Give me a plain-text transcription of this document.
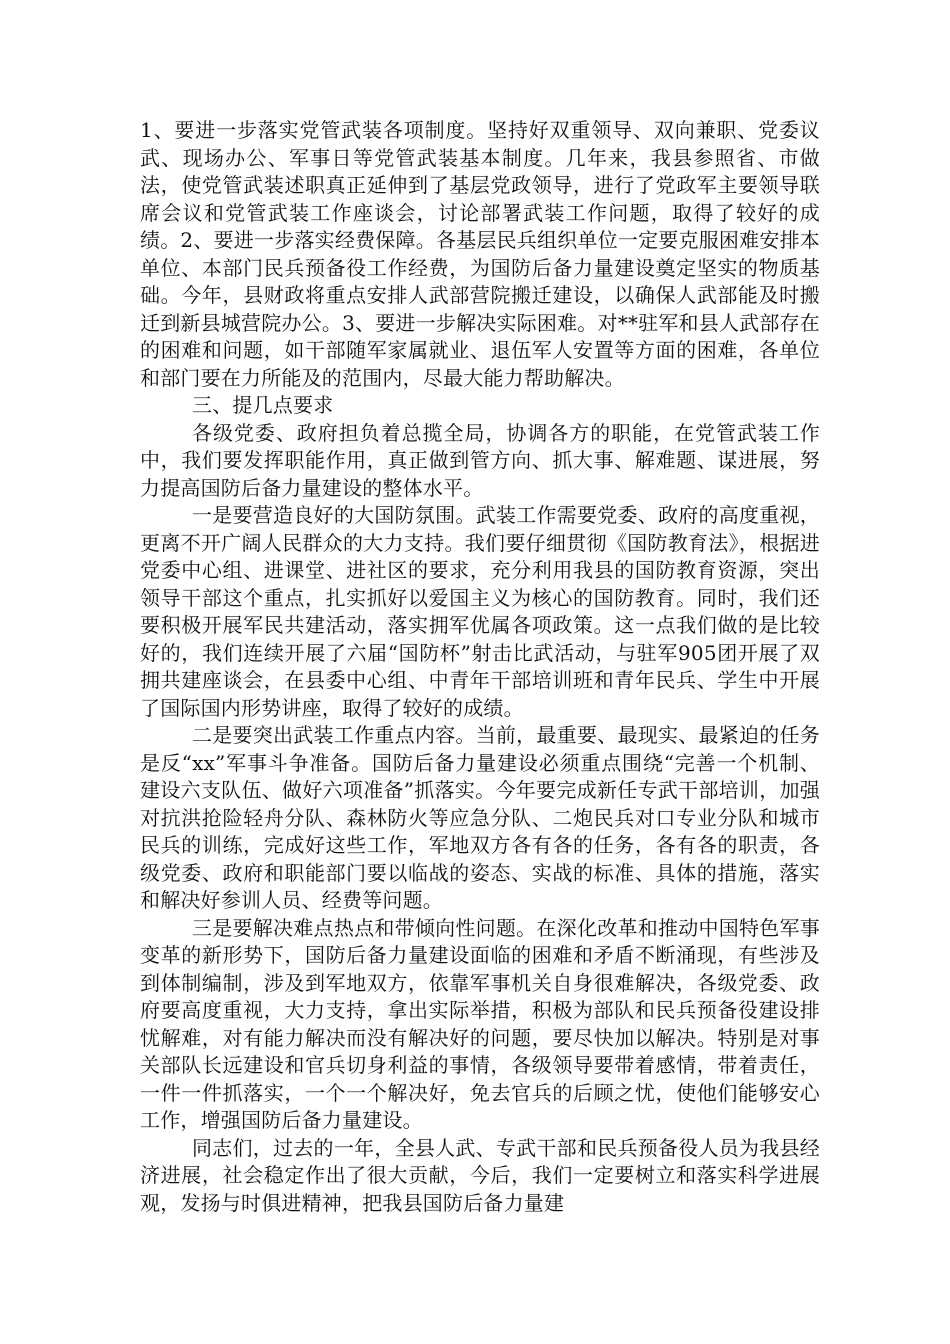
1、要进一步落实党管武装各项制度。坚持好双重领导、双向兼职、党委议武、现场办公、军事日等党管武装基本制度。几年来，我县参照省、市做法，使党管武装述职真正延伸到了基层党政领导，进行了党政军主要领导联席会议和党管武装工作座谈会，讨论部署武装工作问题，取得了较好的成绩。2、要进一步落实经费保障。各基层民兵组织单位一定要克服困难安排本单位、本部门民兵预备役工作经费，为国防后备力量建设奠定坚实的物质基础。今年，县财政将重点安排人武部营院搬迁建设，以确保人武部能及时搬迁到新县城营院办公。3、要进一步解决实际困难。对**驻军和县人武部存在的困难和问题，如干部随军家属就业、退伍军人安置等方面的困难，各单位和部门要在力所能及的范围内，尽最大能力帮助解决。

三、提几点要求

各级党委、政府担负着总揽全局，协调各方的职能，在党管武装工作中，我们要发挥职能作用，真正做到管方向、抓大事、解难题、谋进展，努力提高国防后备力量建设的整体水平。

一是要营造良好的大国防氛围。武装工作需要党委、政府的高度重视，更离不开广阔人民群众的大力支持。我们要仔细贯彻《国防教育法》，根据进党委中心组、进课堂、进社区的要求，充分利用我县的国防教育资源，突出领导干部这个重点，扎实抓好以爱国主义为核心的国防教育。同时，我们还要积极开展军民共建活动，落实拥军优属各项政策。这一点我们做的是比较好的，我们连续开展了六届“国防杯”射击比武活动，与驻军905团开展了双拥共建座谈会，在县委中心组、中青年干部培训班和青年民兵、学生中开展了国际国内形势讲座，取得了较好的成绩。

二是要突出武装工作重点内容。当前，最重要、最现实、最紧迫的任务是反“xx”军事斗争准备。国防后备力量建设必须重点围绕“完善一个机制、建设六支队伍、做好六项准备”抓落实。今年要完成新任专武干部培训，加强对抗洪抢险轻舟分队、森林防火等应急分队、二炮民兵对口专业分队和城市民兵的训练，完成好这些工作，军地双方各有各的任务，各有各的职责，各级党委、政府和职能部门要以临战的姿态、实战的标准、具体的措施，落实和解决好参训人员、经费等问题。

三是要解决难点热点和带倾向性问题。在深化改革和推动中国特色军事变革的新形势下，国防后备力量建设面临的困难和矛盾不断涌现，有些涉及到体制编制，涉及到军地双方，依靠军事机关自身很难解决，各级党委、政府要高度重视，大力支持，拿出实际举措，积极为部队和民兵预备役建设排忧解难，对有能力解决而没有解决好的问题，要尽快加以解决。特别是对事关部队长远建设和官兵切身利益的事情，各级领导要带着感情，带着责任，一件一件抓落实，一个一个解决好，免去官兵的后顾之忧，使他们能够安心工作，增强国防后备力量建设。

同志们，过去的一年，全县人武、专武干部和民兵预备役人员为我县经济进展，社会稳定作出了很大贡献，今后，我们一定要树立和落实科学进展观，发扬与时俱进精神，把我县国防后备力量建
